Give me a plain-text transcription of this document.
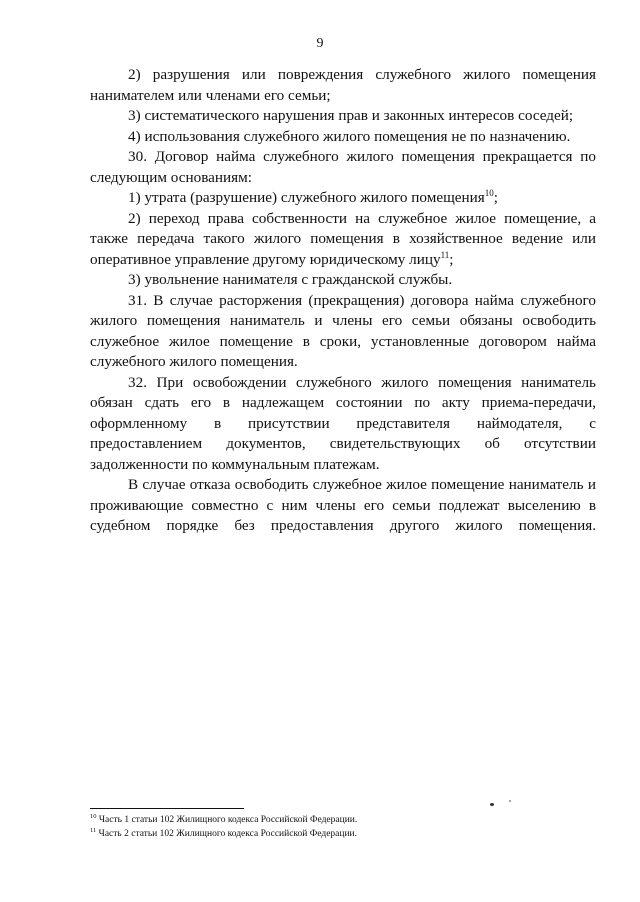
9

2) разрушения или повреждения служебного жилого помещения нанимателем или членами его семьи;

3) систематического нарушения прав и законных интересов соседей;

4) использования служебного жилого помещения не по назначению.

30. Договор найма служебного жилого помещения прекращается по следующим основаниям:

1) утрата (разрушение) служебного жилого помещения$^{10}$;

2) переход права собственности на служебное жилое помещение, а также передача такого жилого помещения в хозяйственное ведение или оперативное управление другому юридическому лицу$^{11}$;

3) увольнение нанимателя с гражданской службы.

31. В случае расторжения (прекращения) договора найма служебного жилого помещения наниматель и члены его семьи обязаны освободить служебное жилое помещение в сроки, установленные договором найма служебного жилого помещения.

32. При освобождении служебного жилого помещения наниматель обязан сдать его в надлежащем состоянии по акту приема-передачи, оформленному в присутствии представителя наймодателя, с предоставлением документов, свидетельствующих об отсутствии задолженности по коммунальным платежам.

В случае отказа освободить служебное жилое помещение наниматель и проживающие совместно с ним члены его семьи подлежат выселению в судебном порядке без предоставления другого жилого помещения.

$^{10}$ Часть 1 статьи 102 Жилищного кодекса Российской Федерации.

$^{11}$ Часть 2 статьи 102 Жилищного кодекса Российской Федерации.
